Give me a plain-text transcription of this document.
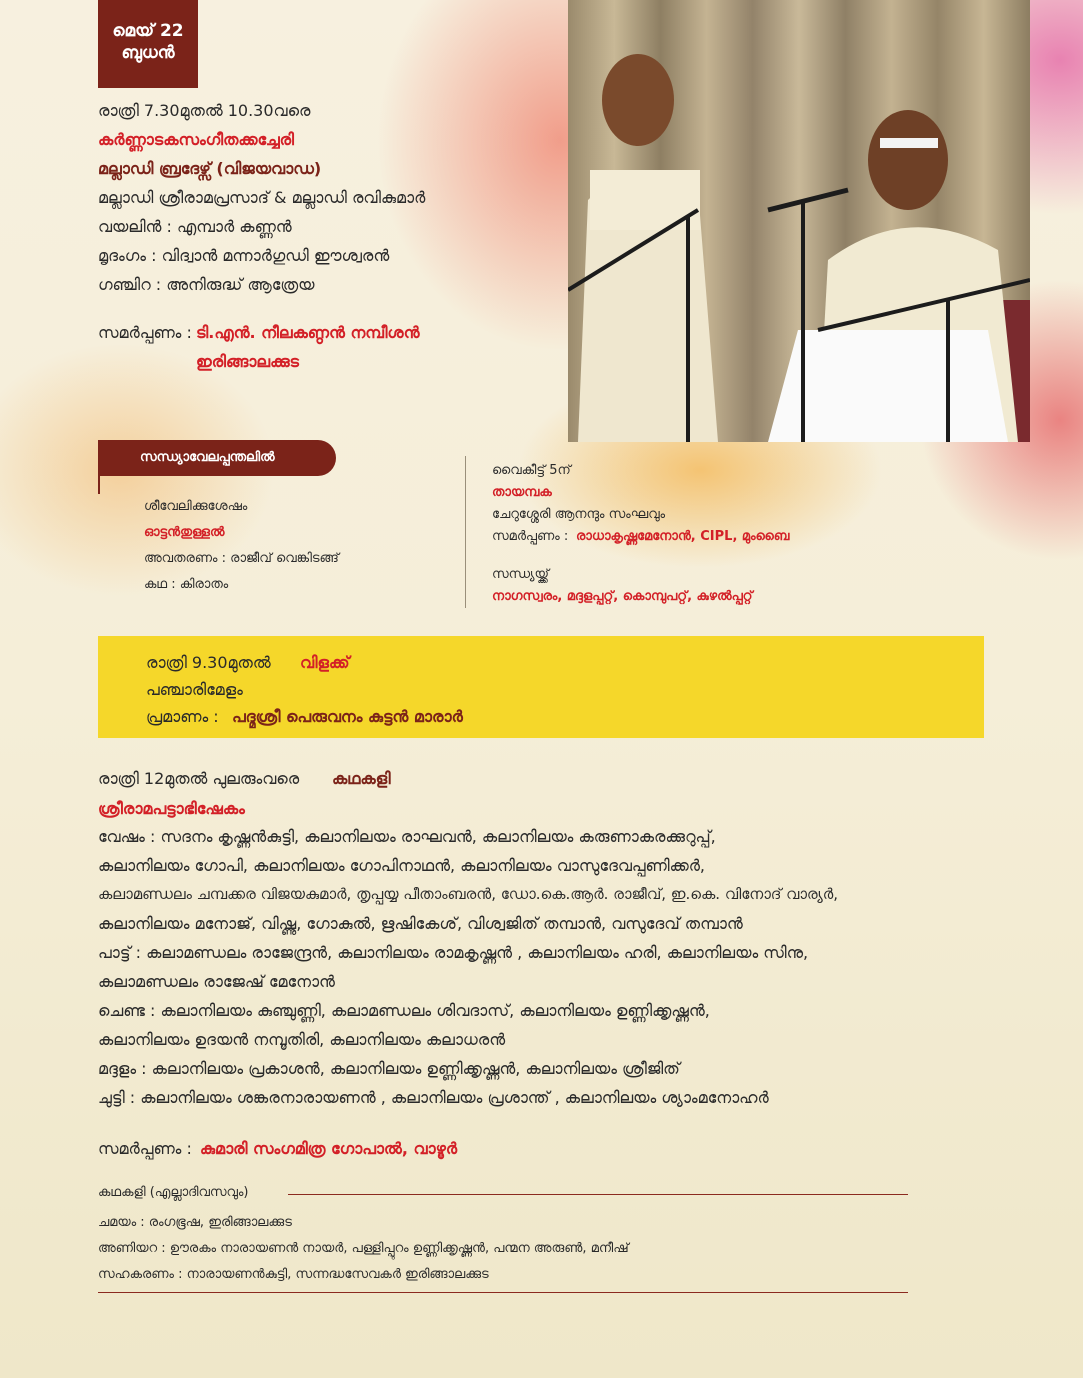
മെയ് 22
ബുധൻ
രാത്രി 7.30മുതൽ 10.30വരെ
കർണ്ണാടകസംഗീതക്കച്ചേരി
മല്ലാഡി ബ്രദേഴ്സ് (വിജയവാഡ)
മല്ലാഡി ശ്രീരാമപ്രസാദ് & മല്ലാഡി രവികുമാർ
വയലിൻ : എമ്പാർ കണ്ണൻ
മൃദംഗം : വിദ്വാൻ മന്നാർഗുഡി ഈശ്വരൻ
ഗഞ്ചിറ : അനിരുദ്ധ് ആത്രേയ
സമർപ്പണം : ടി.എൻ. നീലകണ്ഠൻ നമ്പീശൻ
ഇരിങ്ങാലക്കുട
സന്ധ്യാവേലപ്പന്തലിൽ
ശീവേലിക്കുശേഷം
ഓട്ടൻതുള്ളൽ
അവതരണം : രാജീവ് വെങ്കിടങ്ങ്
കഥ : കിരാതം
വൈകീട്ട് 5ന്
തായമ്പക
ചേറുശ്ശേരി ആനന്ദും സംഘവും
സമർപ്പണം : രാധാകൃഷ്ണമേനോൻ, CIPL, മുംബൈ
സന്ധ്യയ്ക്ക്
നാഗസ്വരം, മദ്ദളപ്പറ്റ്, കൊമ്പുപറ്റ്, കുഴൽപ്പറ്റ്
രാത്രി 9.30മുതൽ വിളക്ക്
പഞ്ചാരിമേളം
പ്രമാണം : പദ്മശ്രീ പെരുവനം കുട്ടൻ മാരാർ
രാത്രി 12മുതൽ പുലരുംവരെ കഥകളി
ശ്രീരാമപട്ടാഭിഷേകം
വേഷം : സദനം കൃഷ്ണൻകുട്ടി, കലാനിലയം രാഘവൻ, കലാനിലയം കരുണാകരക്കുറുപ്പ്,
കലാനിലയം ഗോപി, കലാനിലയം ഗോപിനാഥൻ, കലാനിലയം വാസുദേവപ്പണിക്കർ,
കലാമണ്ഡലം ചമ്പക്കര വിജയകുമാർ, തൃപ്പയ്യ പീതാംബരൻ, ഡോ.കെ.ആർ. രാജീവ്, ഇ.കെ. വിനോദ് വാര്യർ,
കലാനിലയം മനോജ്, വിഷ്ണു, ഗോകുൽ, ഋഷികേശ്, വിശ്വജിത് തമ്പാൻ, വസുദേവ് തമ്പാൻ
പാട്ട് : കലാമണ്ഡലം രാജേന്ദ്രൻ, കലാനിലയം രാമകൃഷ്ണൻ , കലാനിലയം ഹരി, കലാനിലയം സിനു,
കലാമണ്ഡലം രാജേഷ് മേനോൻ
ചെണ്ട : കലാനിലയം കുഞ്ചുണ്ണി, കലാമണ്ഡലം ശിവദാസ്, കലാനിലയം ഉണ്ണിക്കൃഷ്ണൻ,
കലാനിലയം ഉദയൻ നമ്പൂതിരി, കലാനിലയം കലാധരൻ
മദ്ദളം : കലാനിലയം പ്രകാശൻ, കലാനിലയം ഉണ്ണിക്കൃഷ്ണൻ, കലാനിലയം ശ്രീജിത്
ചുട്ടി : കലാനിലയം ശങ്കരനാരായണൻ , കലാനിലയം പ്രശാന്ത് , കലാനിലയം ശ്യാംമനോഹർ
സമർപ്പണം : കുമാരി സംഗമിത്ര ഗോപാൽ, വാഴൂർ
കഥകളി (എല്ലാദിവസവും)
ചമയം : രംഗഭൂഷ, ഇരിങ്ങാലക്കുട
അണിയറ : ഊരകം നാരായണൻ നായർ, പള്ളിപ്പുറം ഉണ്ണിക്കൃഷ്ണൻ, പന്മന അരുൺ, മനീഷ്
സഹകരണം : നാരായണൻകുട്ടി, സന്നദ്ധസേവകർ ഇരിങ്ങാലക്കുട
